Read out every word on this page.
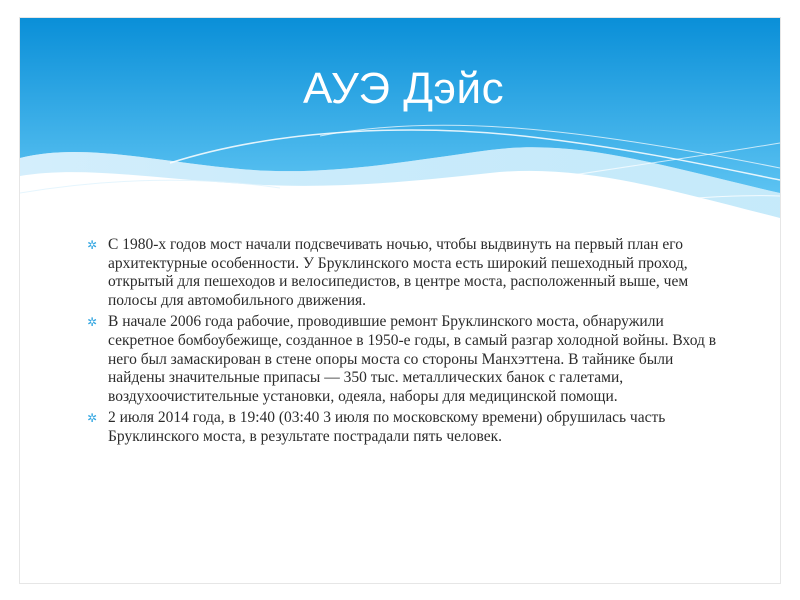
АУЭ Дэйс
✲ С 1980-х годов мост начали подсвечивать ночью, чтобы выдвинуть на первый план его архитектурные особенности. У Бруклинского моста есть широкий пешеходный проход, открытый для пешеходов и велосипедистов, в центре моста, расположенный выше, чем полосы для автомобильного движения.
✲ В начале 2006 года рабочие, проводившие ремонт Бруклинского моста, обнаружили секретное бомбоубежище, созданное в 1950-е годы, в самый разгар холодной войны. Вход в него был замаскирован в стене опоры моста со стороны Манхэттена. В тайнике были найдены значительные припасы — 350 тыс. металлических банок с галетами, воздухоочистительные установки, одеяла, наборы для медицинской помощи.
✲ 2 июля 2014 года, в 19:40 (03:40 3 июля по московскому времени) обрушилась часть Бруклинского моста, в результате пострадали пять человек.
